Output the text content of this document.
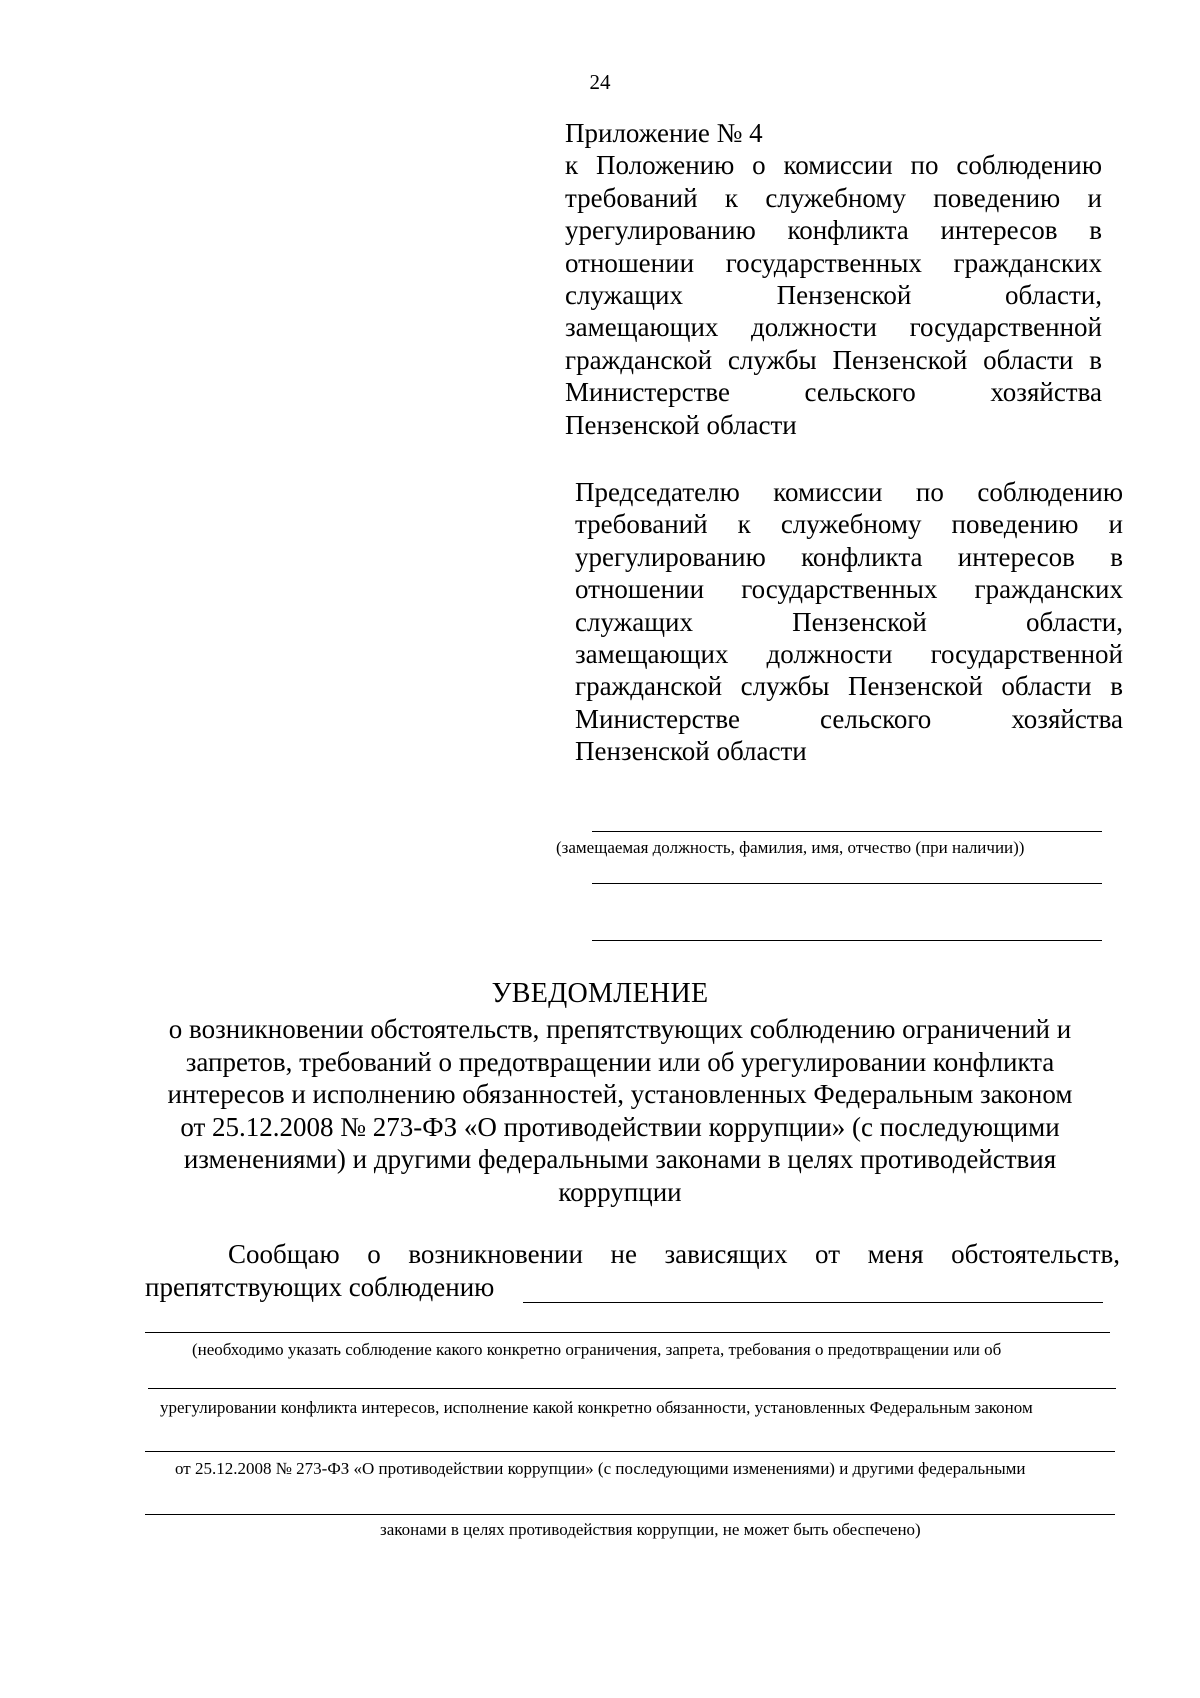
24
Приложение № 4
к Положению о комиссии по соблюдению
требований к служебному поведению и
урегулированию конфликта интересов в
отношении государственных гражданских
служащих Пензенской области,
замещающих должности государственной
гражданской службы Пензенской области в
Министерстве сельского хозяйства
Пензенской области
Председателю комиссии по соблюдению
требований к служебному поведению и
урегулированию конфликта интересов в
отношении государственных гражданских
служащих Пензенской области,
замещающих должности государственной
гражданской службы Пензенской области в
Министерстве сельского хозяйства
Пензенской области
(замещаемая должность, фамилия, имя, отчество (при наличии))
УВЕДОМЛЕНИЕ
о возникновении обстоятельств, препятствующих соблюдению ограничений и
запретов, требований о предотвращении или об урегулировании конфликта
интересов и исполнению обязанностей, установленных Федеральным законом
от 25.12.2008 № 273-ФЗ «О противодействии коррупции» (с последующими
изменениями) и другими федеральными законами в целях противодействия
коррупции
Сообщаю о возникновении не зависящих от меня обстоятельств,
препятствующих соблюдению
(необходимо указать соблюдение какого конкретно ограничения, запрета, требования о предотвращении или об
урегулировании конфликта интересов, исполнение какой конкретно обязанности, установленных Федеральным законом
от 25.12.2008 № 273-ФЗ «О противодействии коррупции» (с последующими изменениями) и другими федеральными
законами в целях противодействия коррупции, не может быть обеспечено)
